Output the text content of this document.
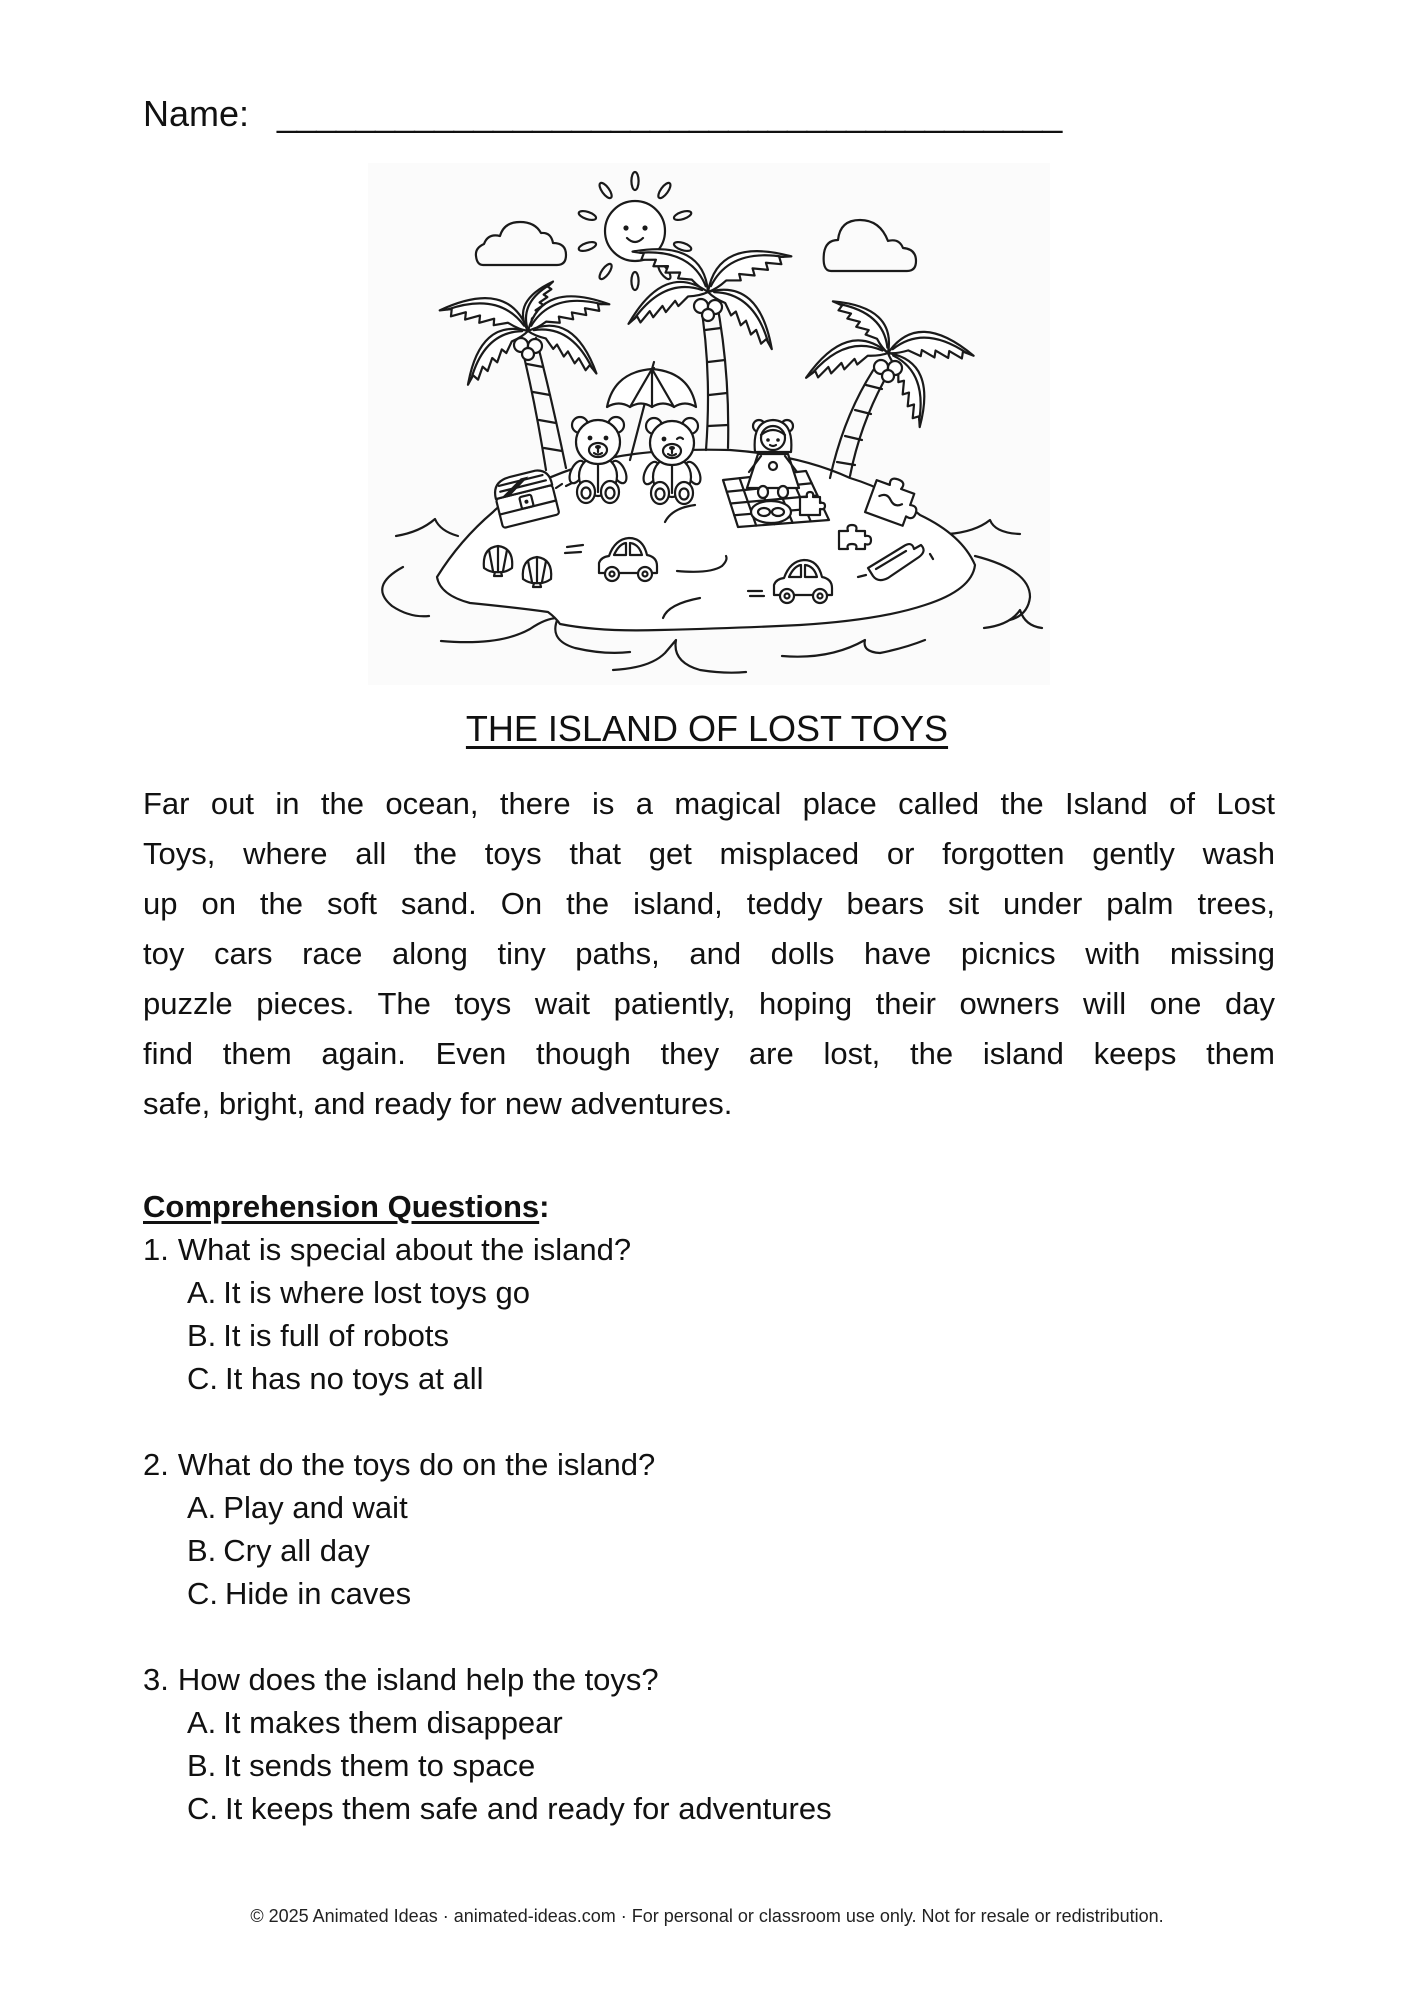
Name: ________________________________________
THE ISLAND OF LOST TOYS
Far out in the ocean, there is a magical place called the Island of Lost
Toys, where all the toys that get misplaced or forgotten gently wash
up on the soft sand. On the island, teddy bears sit under palm trees,
toy cars race along tiny paths, and dolls have picnics with missing
puzzle pieces. The toys wait patiently, hoping their owners will one day
find them again. Even though they are lost, the island keeps them
safe, bright, and ready for new adventures.
Comprehension Questions:
1. What is special about the island?
A. It is where lost toys go
B. It is full of robots
C. It has no toys at all
2. What do the toys do on the island?
A. Play and wait
B. Cry all day
C. Hide in caves
3. How does the island help the toys?
A. It makes them disappear
B. It sends them to space
C. It keeps them safe and ready for adventures
© 2025 Animated Ideas · animated-ideas.com · For personal or classroom use only. Not for resale or redistribution.
